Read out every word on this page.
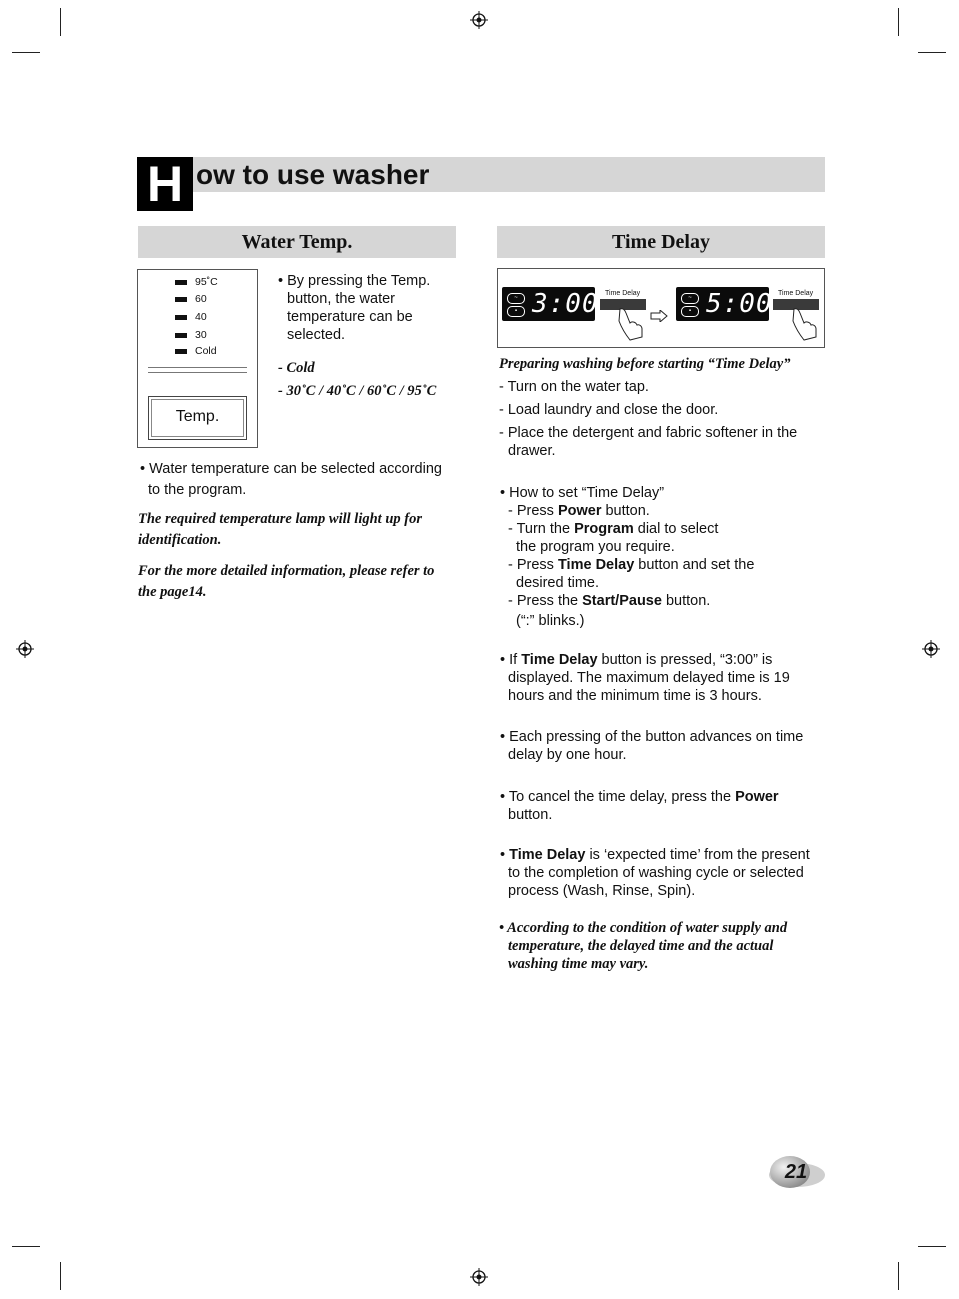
H ow to use washer
Water Temp.
95˚C
60
40
30
Cold
Temp.
• By pressing the Temp.
button, the water
temperature can be
selected.
- Cold
- 30˚C / 40˚C / 60˚C / 95˚C
• Water temperature can be selected according
to the program.
The required temperature lamp will light up for
identification.
For the more detailed information, please refer to
the page14.
Time Delay
~
▪ 3:00 Time Delay
~
▪ 5:00 Time Delay
Preparing washing before starting “Time Delay”
- Turn on the water tap.
- Load laundry and close the door.
- Place the detergent and fabric softener in the
drawer.
• How to set “Time Delay”
- Press Power button.
- Turn the Program dial to select
the program you require.
- Press Time Delay button and set the
desired time.
- Press the Start/Pause button.
(“:” blinks.)
• If Time Delay button is pressed, “3:00” is
displayed. The maximum delayed time is 19
hours and the minimum time is 3 hours.
• Each pressing of the button advances on time
delay by one hour.
• To cancel the time delay, press the Power
button.
• Time Delay is ‘expected time’ from the present
to the completion of washing cycle or selected
process (Wash, Rinse, Spin).
• According to the condition of water supply and
temperature, the delayed time and the actual
washing time may vary.
21
